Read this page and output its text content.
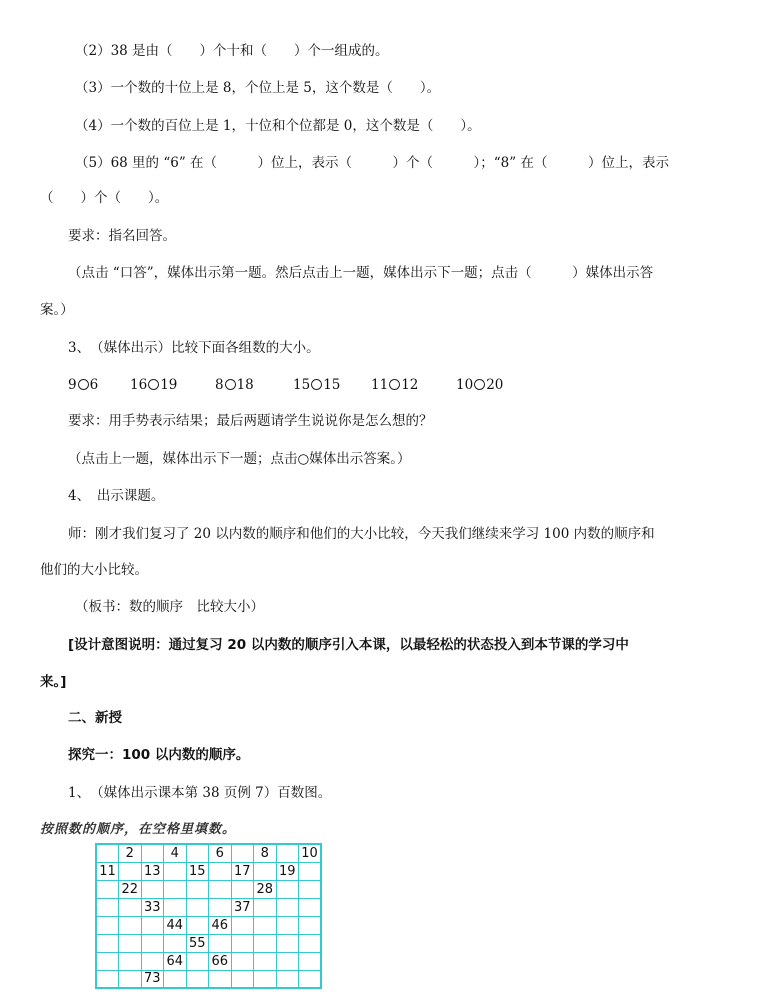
（2）38 是由（　　）个十和（　　）个一组成的。
（3）一个数的十位上是 8，个位上是 5，这个数是（　　）。
（4）一个数的百位上是 1，十位和个位都是 0，这个数是（　　）。
（5）68 里的 “6” 在（　　　）位上，表示（　　　）个（　　　）；“8” 在（　　　）位上，表示
（　　）个（　　）。
要求：指名回答。
（点击 “口答”，媒体出示第一题。然后点击上一题，媒体出示下一题；点击（　　　）媒体出示答
案。）
3、　（媒体出示）比较下面各组数的大小。
9 6 16 19	8 18	15 15 11 12	10 20
要求：用手势表示结果；最后两题请学生说说你是怎么想的？
（点击上一题，媒体出示下一题；点击○媒体出示答案。）
4、　出示课题。
师：刚才我们复习了 20 以内数的顺序和他们的大小比较，今天我们继续来学习 100 内数的顺序和
他们的大小比较。
（板书：数的顺序　比较大小）
[设计意图说明：通过复习 20 以内数的顺序引入本课，以最轻松的状态投入到本节课的学习中
来。]
二、新授
探究一：100 以内数的顺序。
1、　（媒体出示课本第 38 页例 7）百数图。
按照数的顺序，在空格里填数。
	2		4		6		8		10
11		13		15		17		19	
	22						28		
		33				37			
			44		46				
				55					
			64		66				
		73							
